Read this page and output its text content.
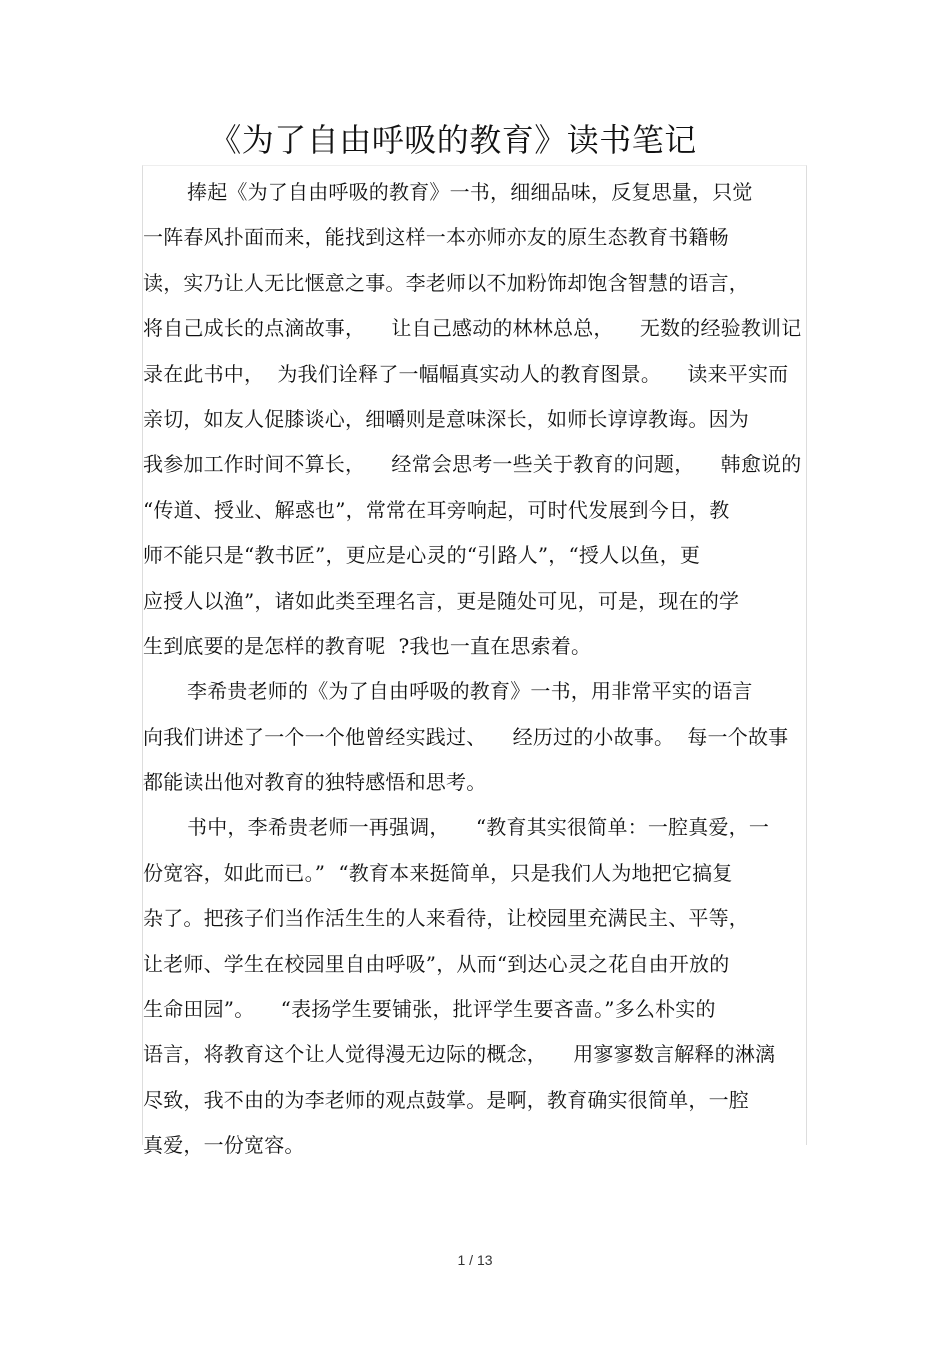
《为了自由呼吸的教育》读书笔记
捧起《为了自由呼吸的教育》一书，细细品味，反复思量，只觉
一阵春风扑面而来，能找到这样一本亦师亦友的原生态教育书籍畅
读，实乃让人无比惬意之事。李老师以不加粉饰却饱含智慧的语言，
将自己成长的点滴故事，    让自己感动的林林总总，    无数的经验教训记
录在此书中，  为我们诠释了一幅幅真实动人的教育图景。    读来平实而
亲切，如友人促膝谈心，细嚼则是意味深长，如师长谆谆教诲。因为
我参加工作时间不算长，    经常会思考一些关于教育的问题，    韩愈说的
“传道、授业、解惑也”，常常在耳旁响起，可时代发展到今日，教
师不能只是“教书匠”，更应是心灵的“引路人”，“授人以鱼，更
应授人以渔”，诸如此类至理名言，更是随处可见，可是，现在的学
生到底要的是怎样的教育呢  ?我也一直在思索着。
李希贵老师的《为了自由呼吸的教育》一书，用非常平实的语言
向我们讲述了一个一个他曾经实践过、    经历过的小故事。  每一个故事
都能读出他对教育的独特感悟和思考。
书中，李希贵老师一再强调，    “教育其实很简单：一腔真爱，一
份宽容，如此而已。”  “教育本来挺简单，只是我们人为地把它搞复
杂了。把孩子们当作活生生的人来看待，让校园里充满民主、平等，
让老师、学生在校园里自由呼吸”，从而“到达心灵之花自由开放的
生命田园”。    “表扬学生要铺张，批评学生要吝啬。”多么朴实的
语言，将教育这个让人觉得漫无边际的概念，    用寥寥数言解释的淋漓
尽致，我不由的为李老师的观点鼓掌。是啊，教育确实很简单，一腔
真爱，一份宽容。
1 / 13
